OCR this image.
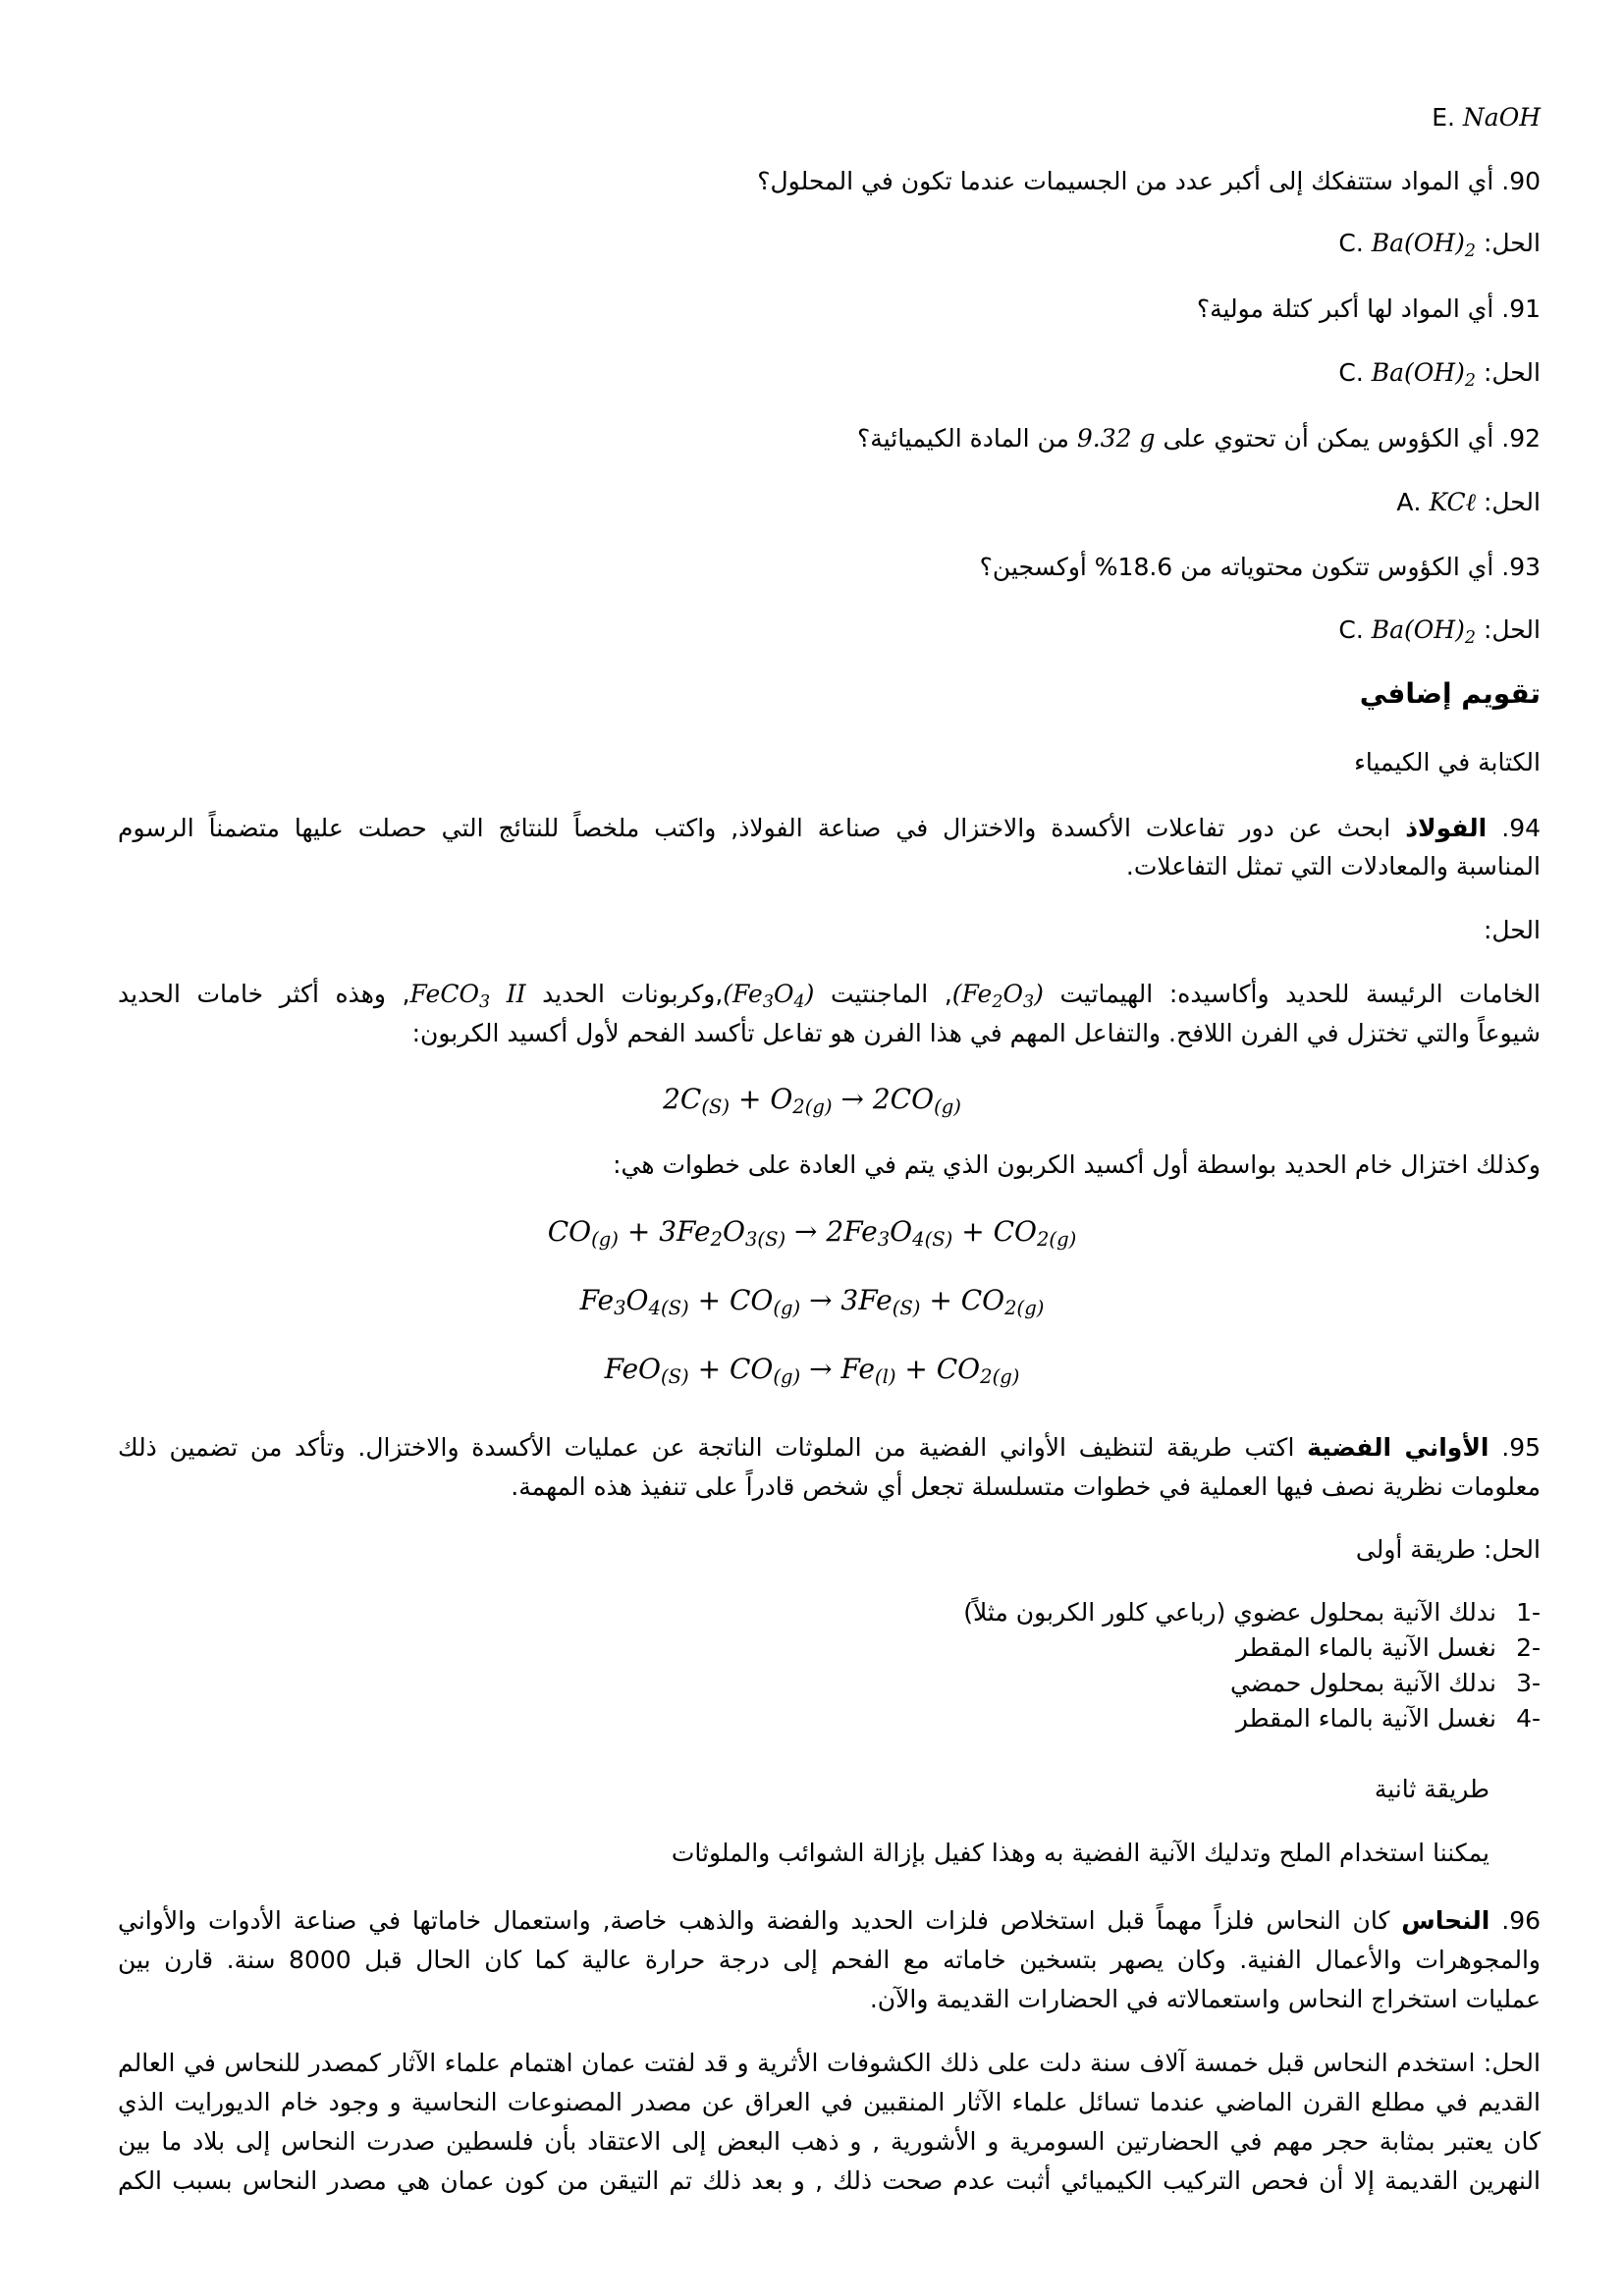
NaOH .E
90. أي المواد ستتفكك إلى أكبر عدد من الجسيمات عندما تكون في المحلول؟
الحل: $Ba(OH)_2$ .C
91. أي المواد لها أكبر كتلة مولية؟
الحل: $Ba(OH)_2$ .C
92. أي الكؤوس يمكن أن تحتوي على 9.32 g من المادة الكيميائية؟
الحل: KCℓ .A
93. أي الكؤوس تتكون محتوياته من 18.6% أوكسجين؟
الحل: $Ba(OH)_2$ .C
تقويم إضافي
الكتابة في الكيمياء
94. الفولاذ ابحث عن دور تفاعلات الأكسدة والاختزال في صناعة الفولاذ, واكتب ملخصاً للنتائج التي حصلت عليها متضمناً الرسوم
المناسبة والمعادلات التي تمثل التفاعلات.
الحل:
الخامات الرئيسة للحديد وأكاسيده: الهيماتيت $(Fe_2O_3)$, الماجنتيت $(Fe_3O_4),وكربونات$ الحديد FeCO$_3$ II, وهذه أكثر خامات الحديد
شيوعاً والتي تختزل في الفرن اللافح. والتفاعل المهم في هذا الفرن هو تفاعل تأكسد الفحم لأول أكسيد الكربون:
$2C_{(S)} + O_{2(g)} \to 2CO_{(g)}$
وكذلك اختزال خام الحديد بواسطة أول أكسيد الكربون الذي يتم في العادة على خطوات هي:
$CO_{(g)} + 3Fe_2O_{3(S)} \to 2Fe_3O_{4(S)} + CO_{2(g)}$
$Fe_3O_{4(S)} + CO_{(g)} \to 3Fe_{(S)} + CO_{2(g)}$
$FeO_{(S)} + CO_{(g)} \to Fe_{(l)} + CO_{2(g)}$
95. الأواني الفضية اكتب طريقة لتنظيف الأواني الفضية من الملوثات الناتجة عن عمليات الأكسدة والاختزال. وتأكد من تضمين ذلك
معلومات نظرية نصف فيها العملية في خطوات متسلسلة تجعل أي شخص قادراً على تنفيذ هذه المهمة.
الحل: طريقة أولى
-1ندلك الآنية بمحلول عضوي (رباعي كلور الكربون مثلاً)
-2نغسل الآنية بالماء المقطر
-3ندلك الآنية بمحلول حمضي
-4نغسل الآنية بالماء المقطر
طريقة ثانية
يمكننا استخدام الملح وتدليك الآنية الفضية به وهذا كفيل بإزالة الشوائب والملوثات
96. النحاس كان النحاس فلزاً مهماً قبل استخلاص فلزات الحديد والفضة والذهب خاصة, واستعمال خاماتها في صناعة الأدوات والأواني
والمجوهرات والأعمال الفنية. وكان يصهر بتسخين خاماته مع الفحم إلى درجة حرارة عالية كما كان الحال قبل 8000 سنة. قارن بين
عمليات استخراج النحاس واستعمالاته في الحضارات القديمة والآن.
الحل: استخدم النحاس قبل خمسة آلاف سنة دلت على ذلك الكشوفات الأثرية و قد لفتت عمان اهتمام علماء الآثار كمصدر للنحاس في العالم
القديم في مطلع القرن الماضي عندما تسائل علماء الآثار المنقبين في العراق عن مصدر المصنوعات النحاسية و وجود خام الديورايت الذي
كان يعتبر بمثابة حجر مهم في الحضارتين السومرية و الأشورية , و ذهب البعض إلى الاعتقاد بأن فلسطين صدرت النحاس إلى بلاد ما بين
النهرين القديمة إلا أن فحص التركيب الكيميائي أثبت عدم صحت ذلك , و بعد ذلك تم التيقن من كون عمان هي مصدر النحاس بسبب الكم
